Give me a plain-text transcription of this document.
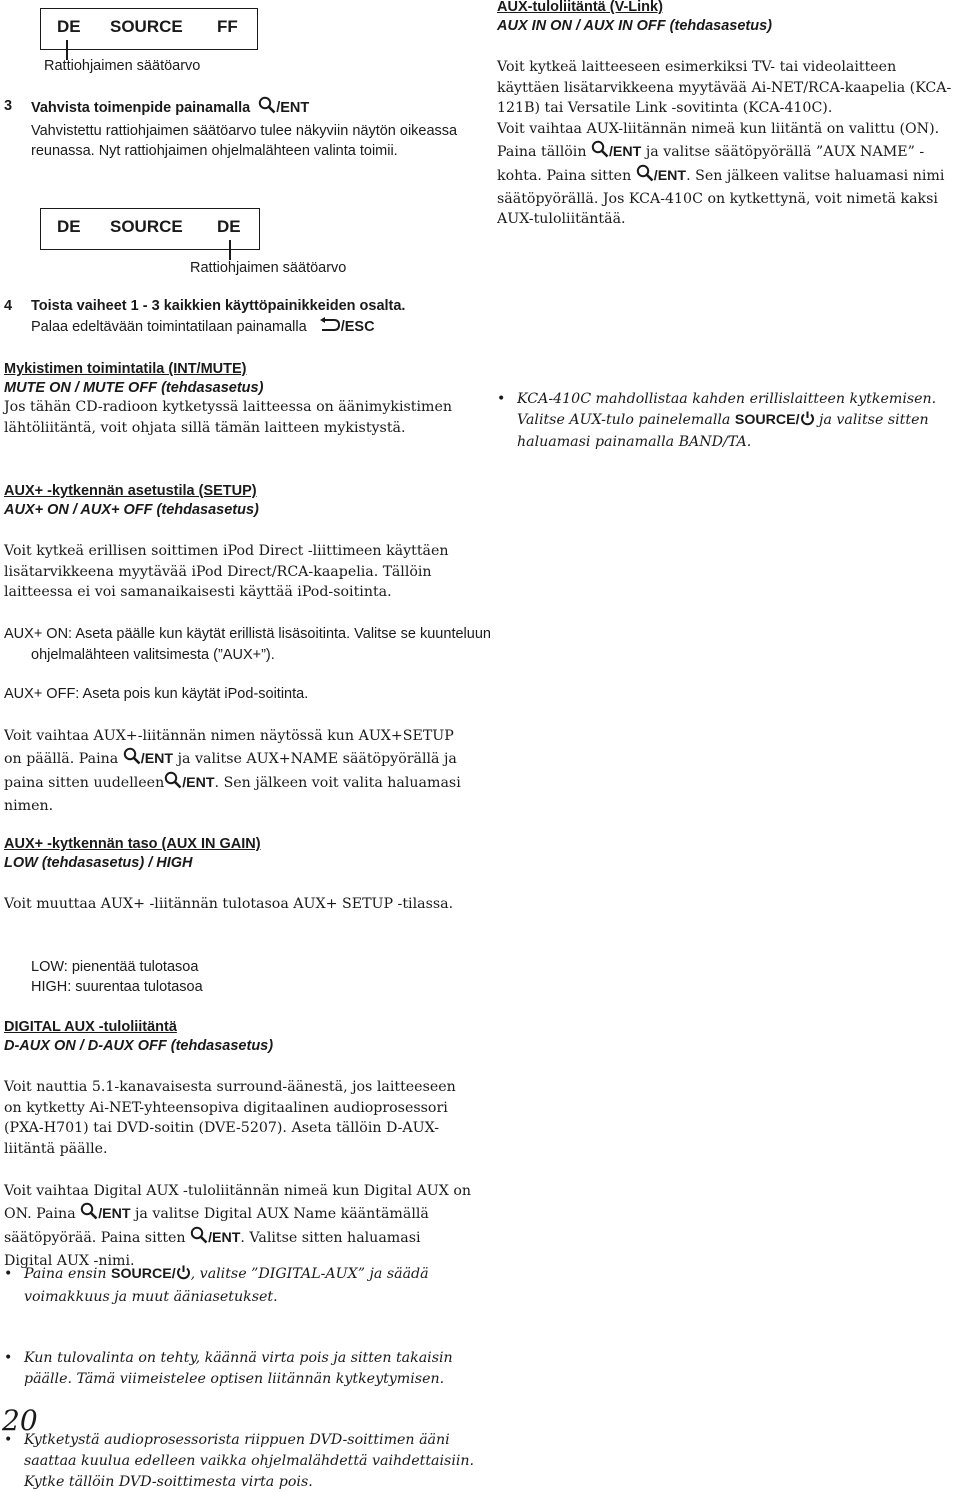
DE SOURCE FF
Rattiohjaimen säätöarvo
3 Vahvista toimenpide painamalla /ENT
Vahvistettu rattiohjaimen säätöarvo tulee näkyviin näytön oikeassa reunassa. Nyt rattiohjaimen ohjelmalähteen valinta toimii.
DE SOURCE DE
Rattiohjaimen säätöarvo
4 Toista vaiheet 1 - 3 kaikkien käyttöpainikkeiden osalta.
Palaa edeltävään toimintatilaan painamalla /ESC
Mykistimen toimintatila (INT/MUTE)
MUTE ON / MUTE OFF (tehdasasetus)
Jos tähän CD-radioon kytketyssä laitteessa on äänimykistimen lähtöliitäntä, voit ohjata sillä tämän laitteen mykistystä.
AUX+ -kytkennän asetustila (SETUP)
AUX+ ON / AUX+ OFF (tehdasasetus)
Voit kytkeä erillisen soittimen iPod Direct -liittimeen käyttäen lisätarvikkeena myytävää iPod Direct/RCA-kaapelia. Tällöin laitteessa ei voi samanaikaisesti käyttää iPod-soitinta.
AUX+ ON: Aseta päälle kun käytät erillistä lisäsoitinta. Valitse se kuunteluun ohjelmalähteen valitsimesta (”AUX+”).
AUX+ OFF: Aseta pois kun käytät iPod-soitinta.
Voit vaihtaa AUX+-liitännän nimen näytössä kun AUX+SETUP on päällä. Paina /ENT ja valitse AUX+NAME säätöpyörällä ja paina sitten uudelleen /ENT. Sen jälkeen voit valita haluamasi nimen.
AUX+ -kytkennän taso (AUX IN GAIN)
LOW (tehdasasetus) / HIGH
Voit muuttaa AUX+ -liitännän tulotasoa AUX+ SETUP -tilassa.
LOW: pienentää tulotasoa
HIGH: suurentaa tulotasoa
DIGITAL AUX -tuloliitäntä
D-AUX ON / D-AUX OFF (tehdasasetus)
Voit nauttia 5.1-kanavaisesta surround-äänestä, jos laitteeseen on kytketty Ai-NET-yhteensopiva digitaalinen audioprosessori (PXA-H701) tai DVD-soitin (DVE-5207). Aseta tällöin D-AUX-liitäntä päälle.
Voit vaihtaa Digital AUX -tuloliitännän nimeä kun Digital AUX on ON. Paina /ENT ja valitse Digital AUX Name kääntämällä säätöpyörää. Paina sitten /ENT. Valitse sitten haluamasi Digital AUX -nimi.
• Paina ensin SOURCE/ , valitse ”DIGITAL-AUX” ja säädä voimakkuus ja muut ääniasetukset.
• Kun tulovalinta on tehty, käännä virta pois ja sitten takaisin päälle. Tämä viimeistelee optisen liitännän kytkeytymisen.
• Kytketystä audioprosessorista riippuen DVD-soittimen ääni saattaa kuulua edelleen vaikka ohjelmalähdettä vaihdettaisiin. Kytke tällöin DVD-soittimesta virta pois.
AUX-tuloliitäntä (V-Link)
AUX IN ON / AUX IN OFF (tehdasasetus)
Voit kytkeä laitteeseen esimerkiksi TV- tai videolaitteen käyttäen lisätarvikkeena myytävää Ai-NET/RCA-kaapelia (KCA-121B) tai Versatile Link -sovitinta (KCA-410C).
Voit vaihtaa AUX-liitännän nimeä kun liitäntä on valittu (ON). Paina tällöin /ENT ja valitse säätöpyörällä ”AUX NAME” -kohta. Paina sitten /ENT. Sen jälkeen valitse haluamasi nimi säätöpyörällä. Jos KCA-410C on kytkettynä, voit nimetä kaksi AUX-tuloliitäntää.
• KCA-410C mahdollistaa kahden erillislaitteen kytkemisen. Valitse AUX-tulo painelemalla SOURCE/ ja valitse sitten haluamasi painamalla BAND/TA.
20
